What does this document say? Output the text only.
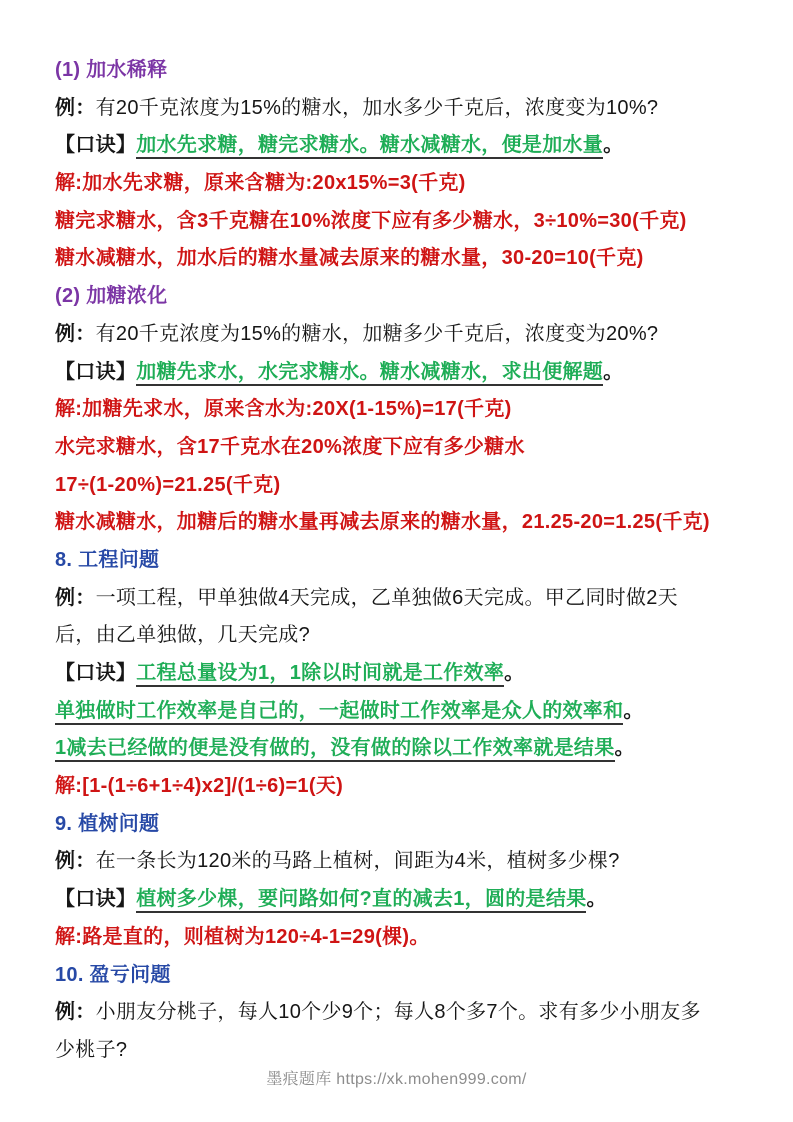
(1) 加水稀释
例：有20千克浓度为15%的糖水，加水多少千克后，浓度变为10%?
【口诀】加水先求糖，糖完求糖水。糖水减糖水，便是加水量。
解:加水先求糖，原来含糖为:20x15%=3(千克)
糖完求糖水，含3千克糖在10%浓度下应有多少糖水，3÷10%=30(千克)
糖水减糖水，加水后的糖水量减去原来的糖水量，30-20=10(千克)
(2) 加糖浓化
例：有20千克浓度为15%的糖水，加糖多少千克后，浓度变为20%?
【口诀】加糖先求水，水完求糖水。糖水减糖水，求出便解题。
解:加糖先求水，原来含水为:20X(1-15%)=17(千克)
水完求糖水，含17千克水在20%浓度下应有多少糖水
17÷(1-20%)=21.25(千克)
糖水减糖水，加糖后的糖水量再减去原来的糖水量，21.25-20=1.25(千克)
8. 工程问题
例：一项工程，甲单独做4天完成，乙单独做6天完成。甲乙同时做2天
后，由乙单独做，几天完成?
【口诀】工程总量设为1，1除以时间就是工作效率。
单独做时工作效率是自己的，一起做时工作效率是众人的效率和。
1减去已经做的便是没有做的，没有做的除以工作效率就是结果。
解:[1-(1÷6+1÷4)x2]/(1÷6)=1(天)
9. 植树问题
例：在一条长为120米的马路上植树，间距为4米，植树多少棵?
【口诀】植树多少棵，要问路如何?直的减去1，圆的是结果。
解:路是直的，则植树为120÷4-1=29(棵)。
10. 盈亏问题
例：小朋友分桃子，每人10个少9个；每人8个多7个。求有多少小朋友多
少桃子?
墨痕题库 https://xk.mohen999.com/
